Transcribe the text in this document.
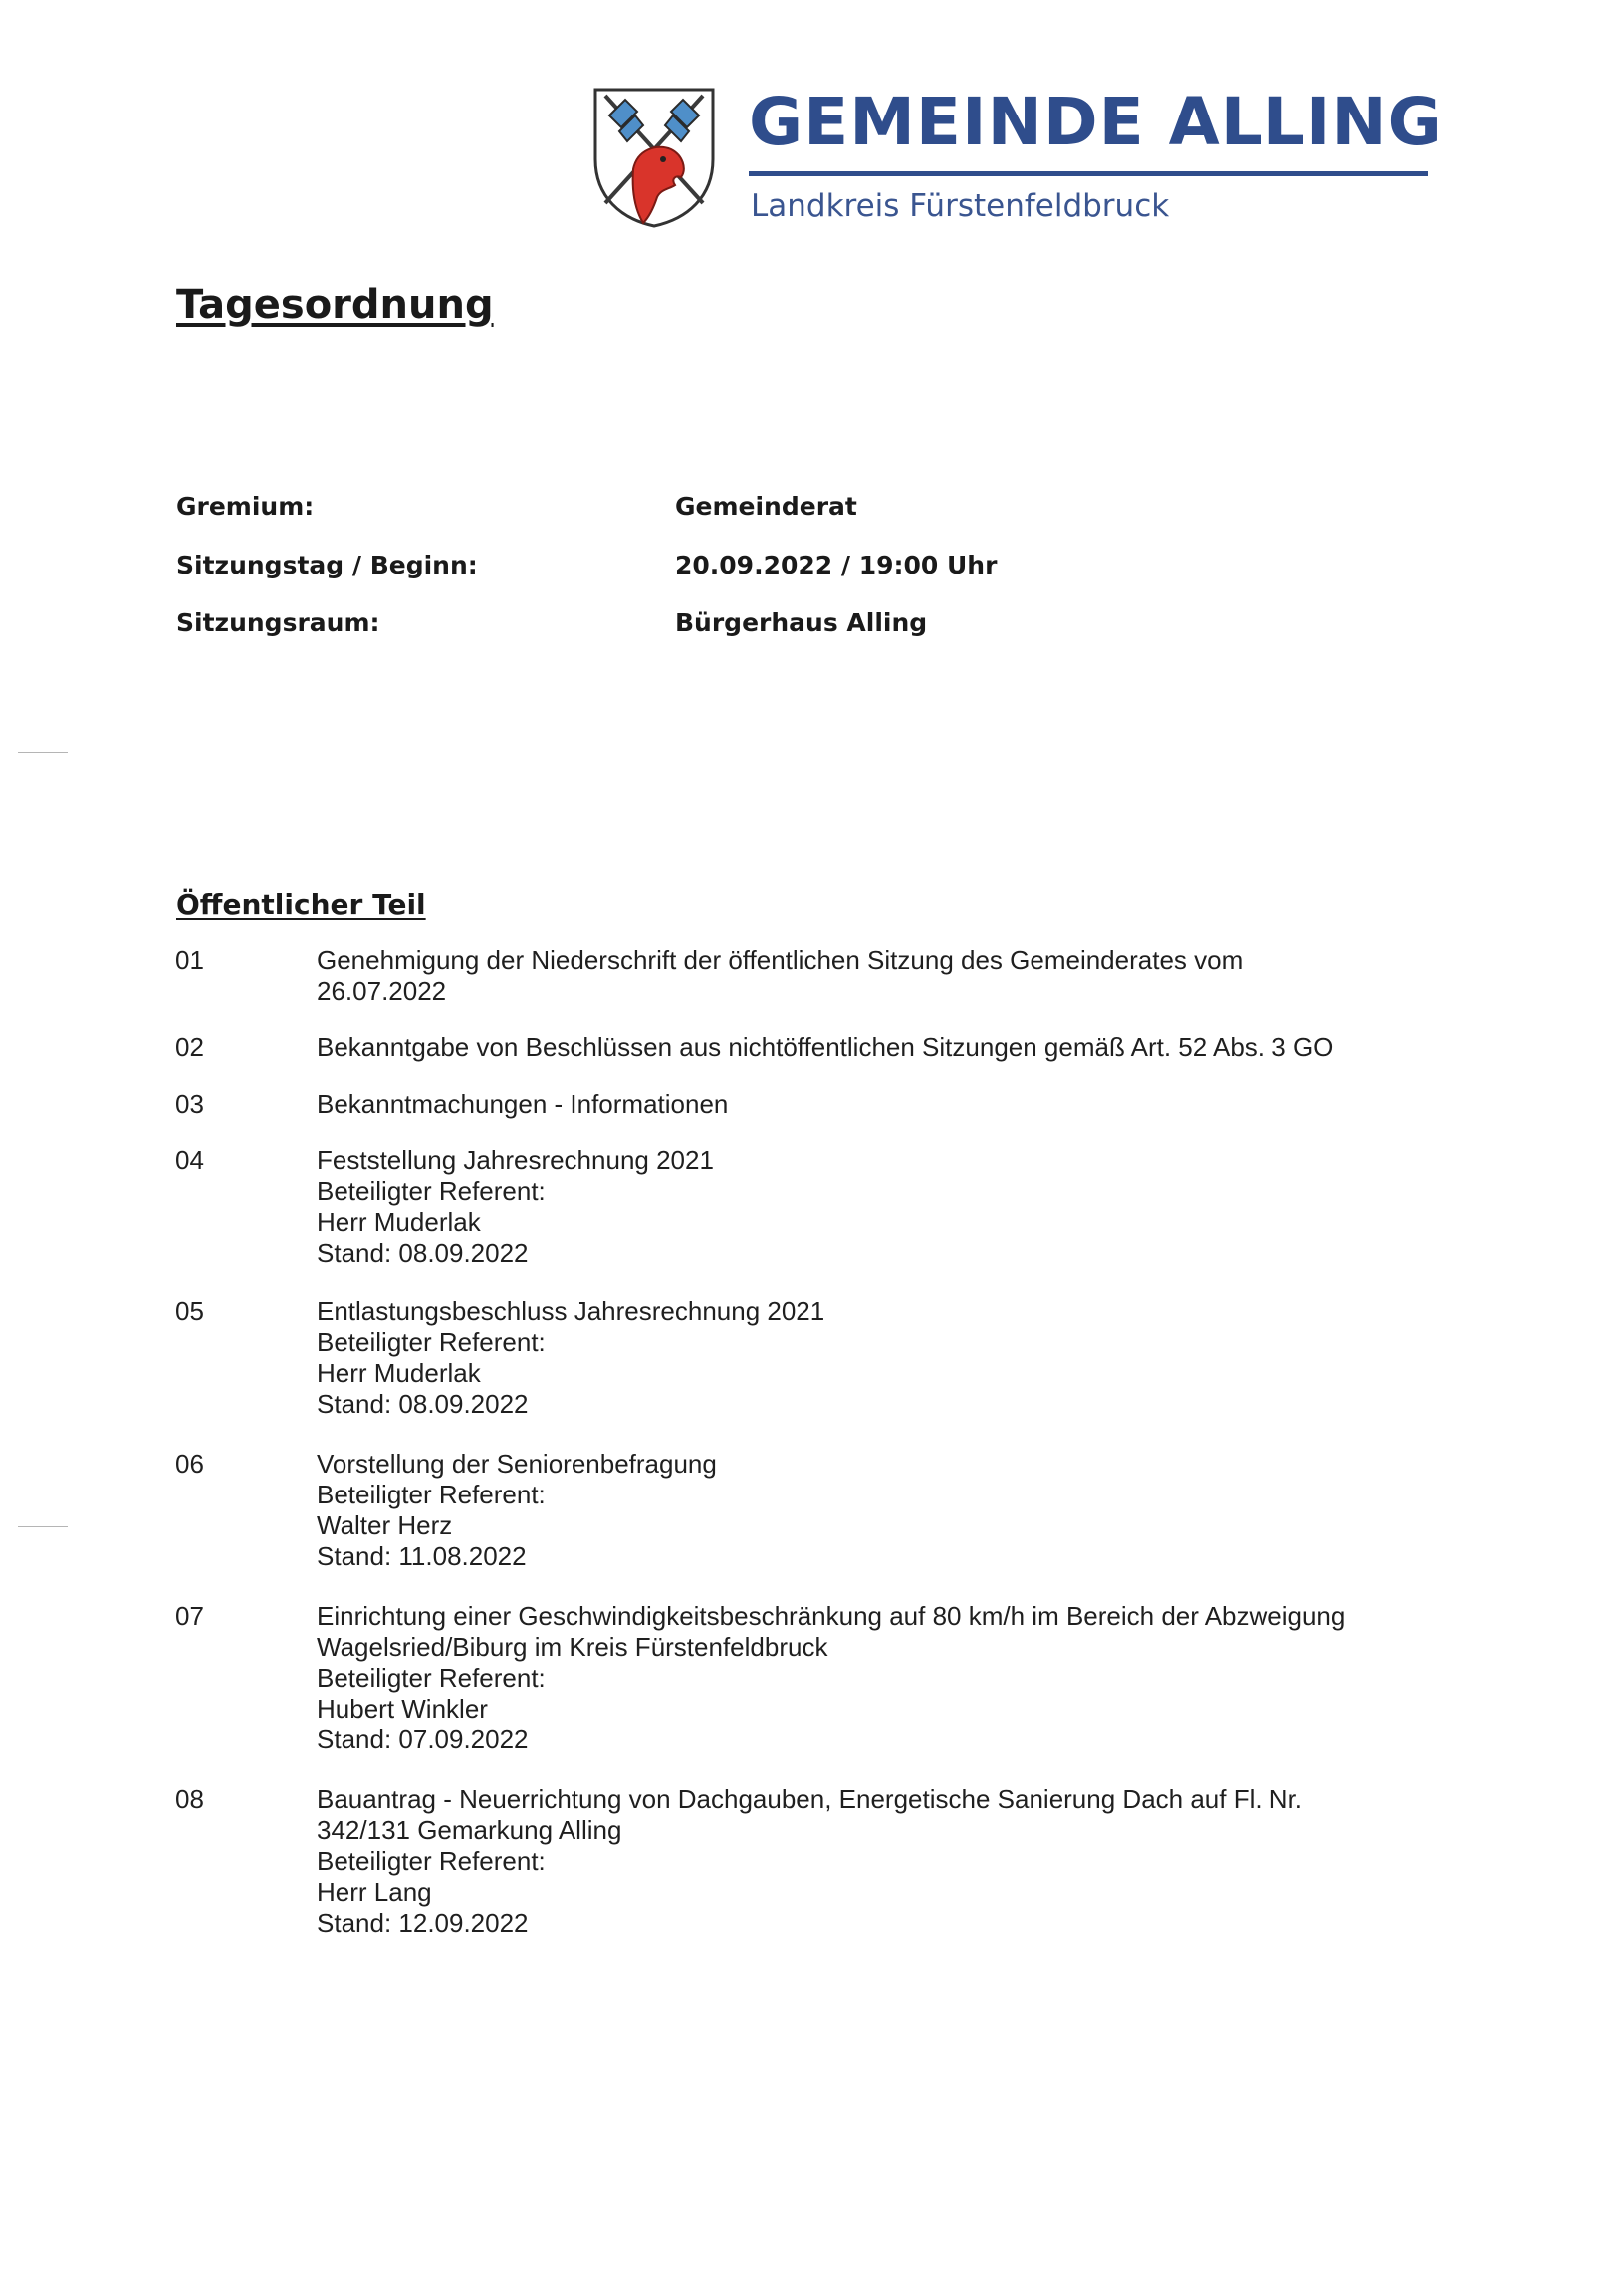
GEMEINDE ALLING
Landkreis Fürstenfeldbruck
Tagesordnung
Gremium:	Gemeinderat
Sitzungstag / Beginn:	20.09.2022 / 19:00 Uhr
Sitzungsraum:	Bürgerhaus Alling
Öffentlicher Teil
01	Genehmigung der Niederschrift der öffentlichen Sitzung des Gemeinderates vom
26.07.2022
02	Bekanntgabe von Beschlüssen aus nichtöffentlichen Sitzungen gemäß Art. 52 Abs. 3 GO
03	Bekanntmachungen - Informationen
04	Feststellung Jahresrechnung 2021
Beteiligter Referent:
Herr Muderlak
Stand: 08.09.2022
05	Entlastungsbeschluss Jahresrechnung 2021
Beteiligter Referent:
Herr Muderlak
Stand: 08.09.2022
06	Vorstellung der Seniorenbefragung
Beteiligter Referent:
Walter Herz
Stand: 11.08.2022
07	Einrichtung einer Geschwindigkeitsbeschränkung auf 80 km/h im Bereich der Abzweigung
Wagelsried/Biburg im Kreis Fürstenfeldbruck
Beteiligter Referent:
Hubert Winkler
Stand: 07.09.2022
08	Bauantrag - Neuerrichtung von Dachgauben, Energetische Sanierung Dach auf Fl. Nr.
342/131 Gemarkung Alling
Beteiligter Referent:
Herr Lang
Stand: 12.09.2022
